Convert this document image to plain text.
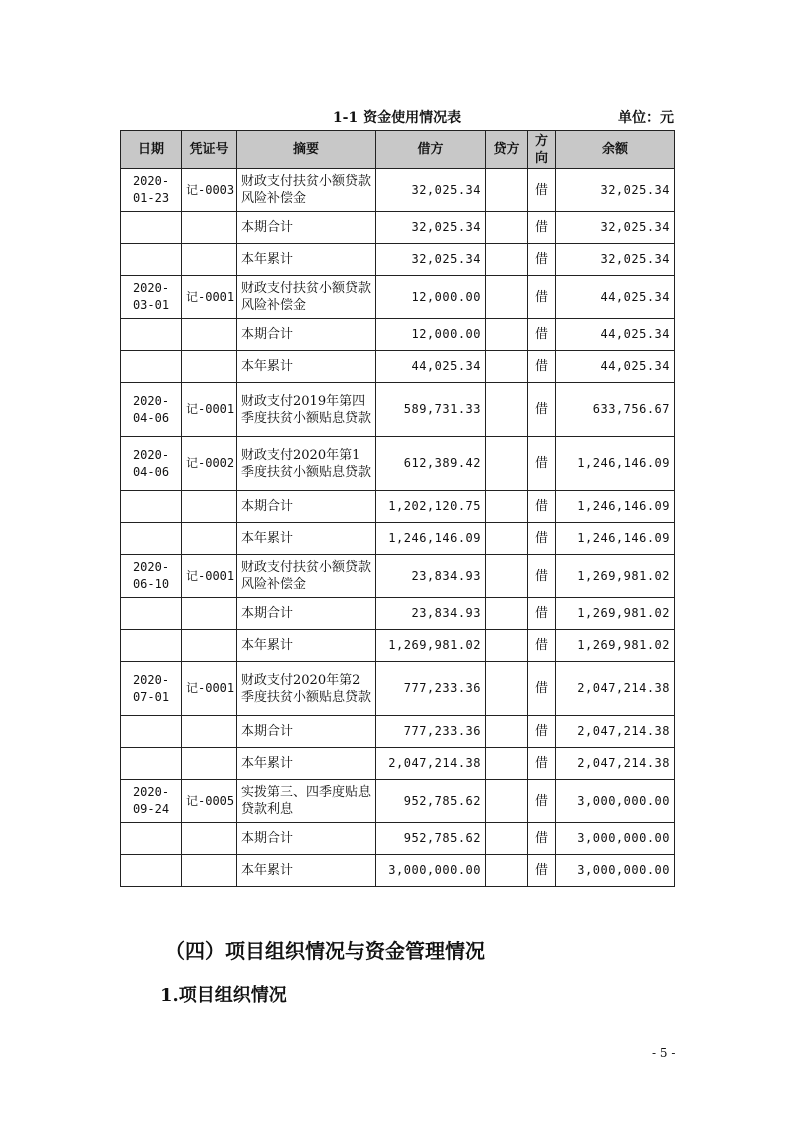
1-1 资金使用情况表	单位：元
日期	凭证号	摘要	借方	贷方	方向	余额
2020-01-23	记-0003	财政支付扶贫小额贷款风险补偿金	32,025.34		借	32,025.34
		本期合计	32,025.34		借	32,025.34
		本年累计	32,025.34		借	32,025.34
2020-03-01	记-0001	财政支付扶贫小额贷款风险补偿金	12,000.00		借	44,025.34
		本期合计	12,000.00		借	44,025.34
		本年累计	44,025.34		借	44,025.34
2020-04-06	记-0001	财政支付2019年第四季度扶贫小额贴息贷款	589,731.33		借	633,756.67
2020-04-06	记-0002	财政支付2020年第1季度扶贫小额贴息贷款	612,389.42		借	1,246,146.09
		本期合计	1,202,120.75		借	1,246,146.09
		本年累计	1,246,146.09		借	1,246,146.09
2020-06-10	记-0001	财政支付扶贫小额贷款风险补偿金	23,834.93		借	1,269,981.02
		本期合计	23,834.93		借	1,269,981.02
		本年累计	1,269,981.02		借	1,269,981.02
2020-07-01	记-0001	财政支付2020年第2季度扶贫小额贴息贷款	777,233.36		借	2,047,214.38
		本期合计	777,233.36		借	2,047,214.38
		本年累计	2,047,214.38		借	2,047,214.38
2020-09-24	记-0005	实拨第三、四季度贴息贷款利息	952,785.62		借	3,000,000.00
		本期合计	952,785.62		借	3,000,000.00
		本年累计	3,000,000.00		借	3,000,000.00
（四）项目组织情况与资金管理情况
1.项目组织情况
- 5 -
